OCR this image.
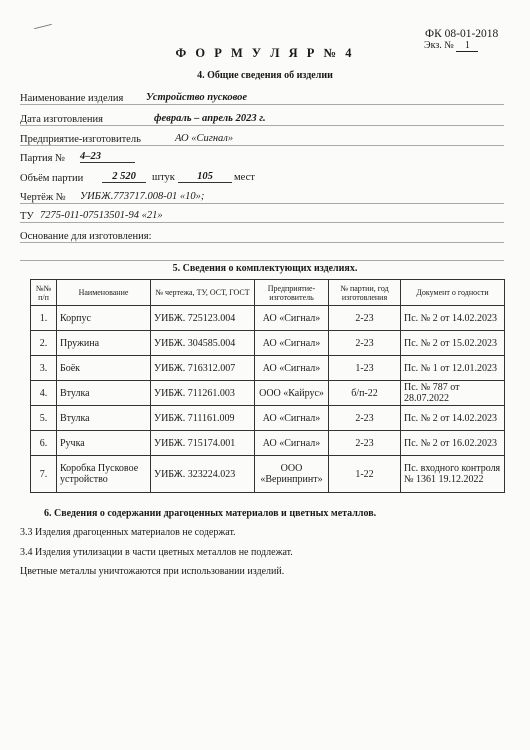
ФК 08-01-2018
Экз. № 1
Ф О Р М У Л Я Р № 4
4. Общие сведения об изделии
Наименование изделия Устройство пусковое
Дата изготовления	февраль – апрель 2023 г.
Предприятие-изготовитель	АО «Сигнал»
Партия № 4–23
Объём партии	2 520	штук	105	мест
Чертёж № УИБЖ.773717.008-01 «10»;
ТУ 7275-011-07513501-94 «21»
Основание для изготовления:
5. Сведения о комплектующих изделиях.
№№ п/п	Наименование	№ чертежа, ТУ, ОСТ, ГОСТ	Предприятие-изготовитель	№ партии, год изготовления	Документ о годности
1.	Корпус	УИБЖ. 725123.004	АО «Сигнал»	2-23	Пс. № 2 от 14.02.2023
2.	Пружина	УИБЖ. 304585.004	АО «Сигнал»	2-23	Пс. № 2 от 15.02.2023
3.	Боёк	УИБЖ. 716312.007	АО «Сигнал»	1-23	Пс. № 1 от 12.01.2023
4.	Втулка	УИБЖ. 711261.003	ООО «Кайрус»	б/п-22	Пс. № 787 от 28.07.2022
5.	Втулка	УИБЖ. 711161.009	АО «Сигнал»	2-23	Пс. № 2 от 14.02.2023
6.	Ручка	УИБЖ. 715174.001	АО «Сигнал»	2-23	Пс. № 2 от 16.02.2023
7.	Коробка Пусковое устройство	УИБЖ. 323224.023	ООО «Веринпринт»	1-22	Пс. входного контроля № 1361 19.12.2022
6. Сведения о содержании драгоценных материалов и цветных металлов.
3.3 Изделия драгоценных материалов не содержат.
3.4 Изделия утилизации в части цветных металлов не подлежат.
Цветные металлы уничтожаются при использовании изделий.
